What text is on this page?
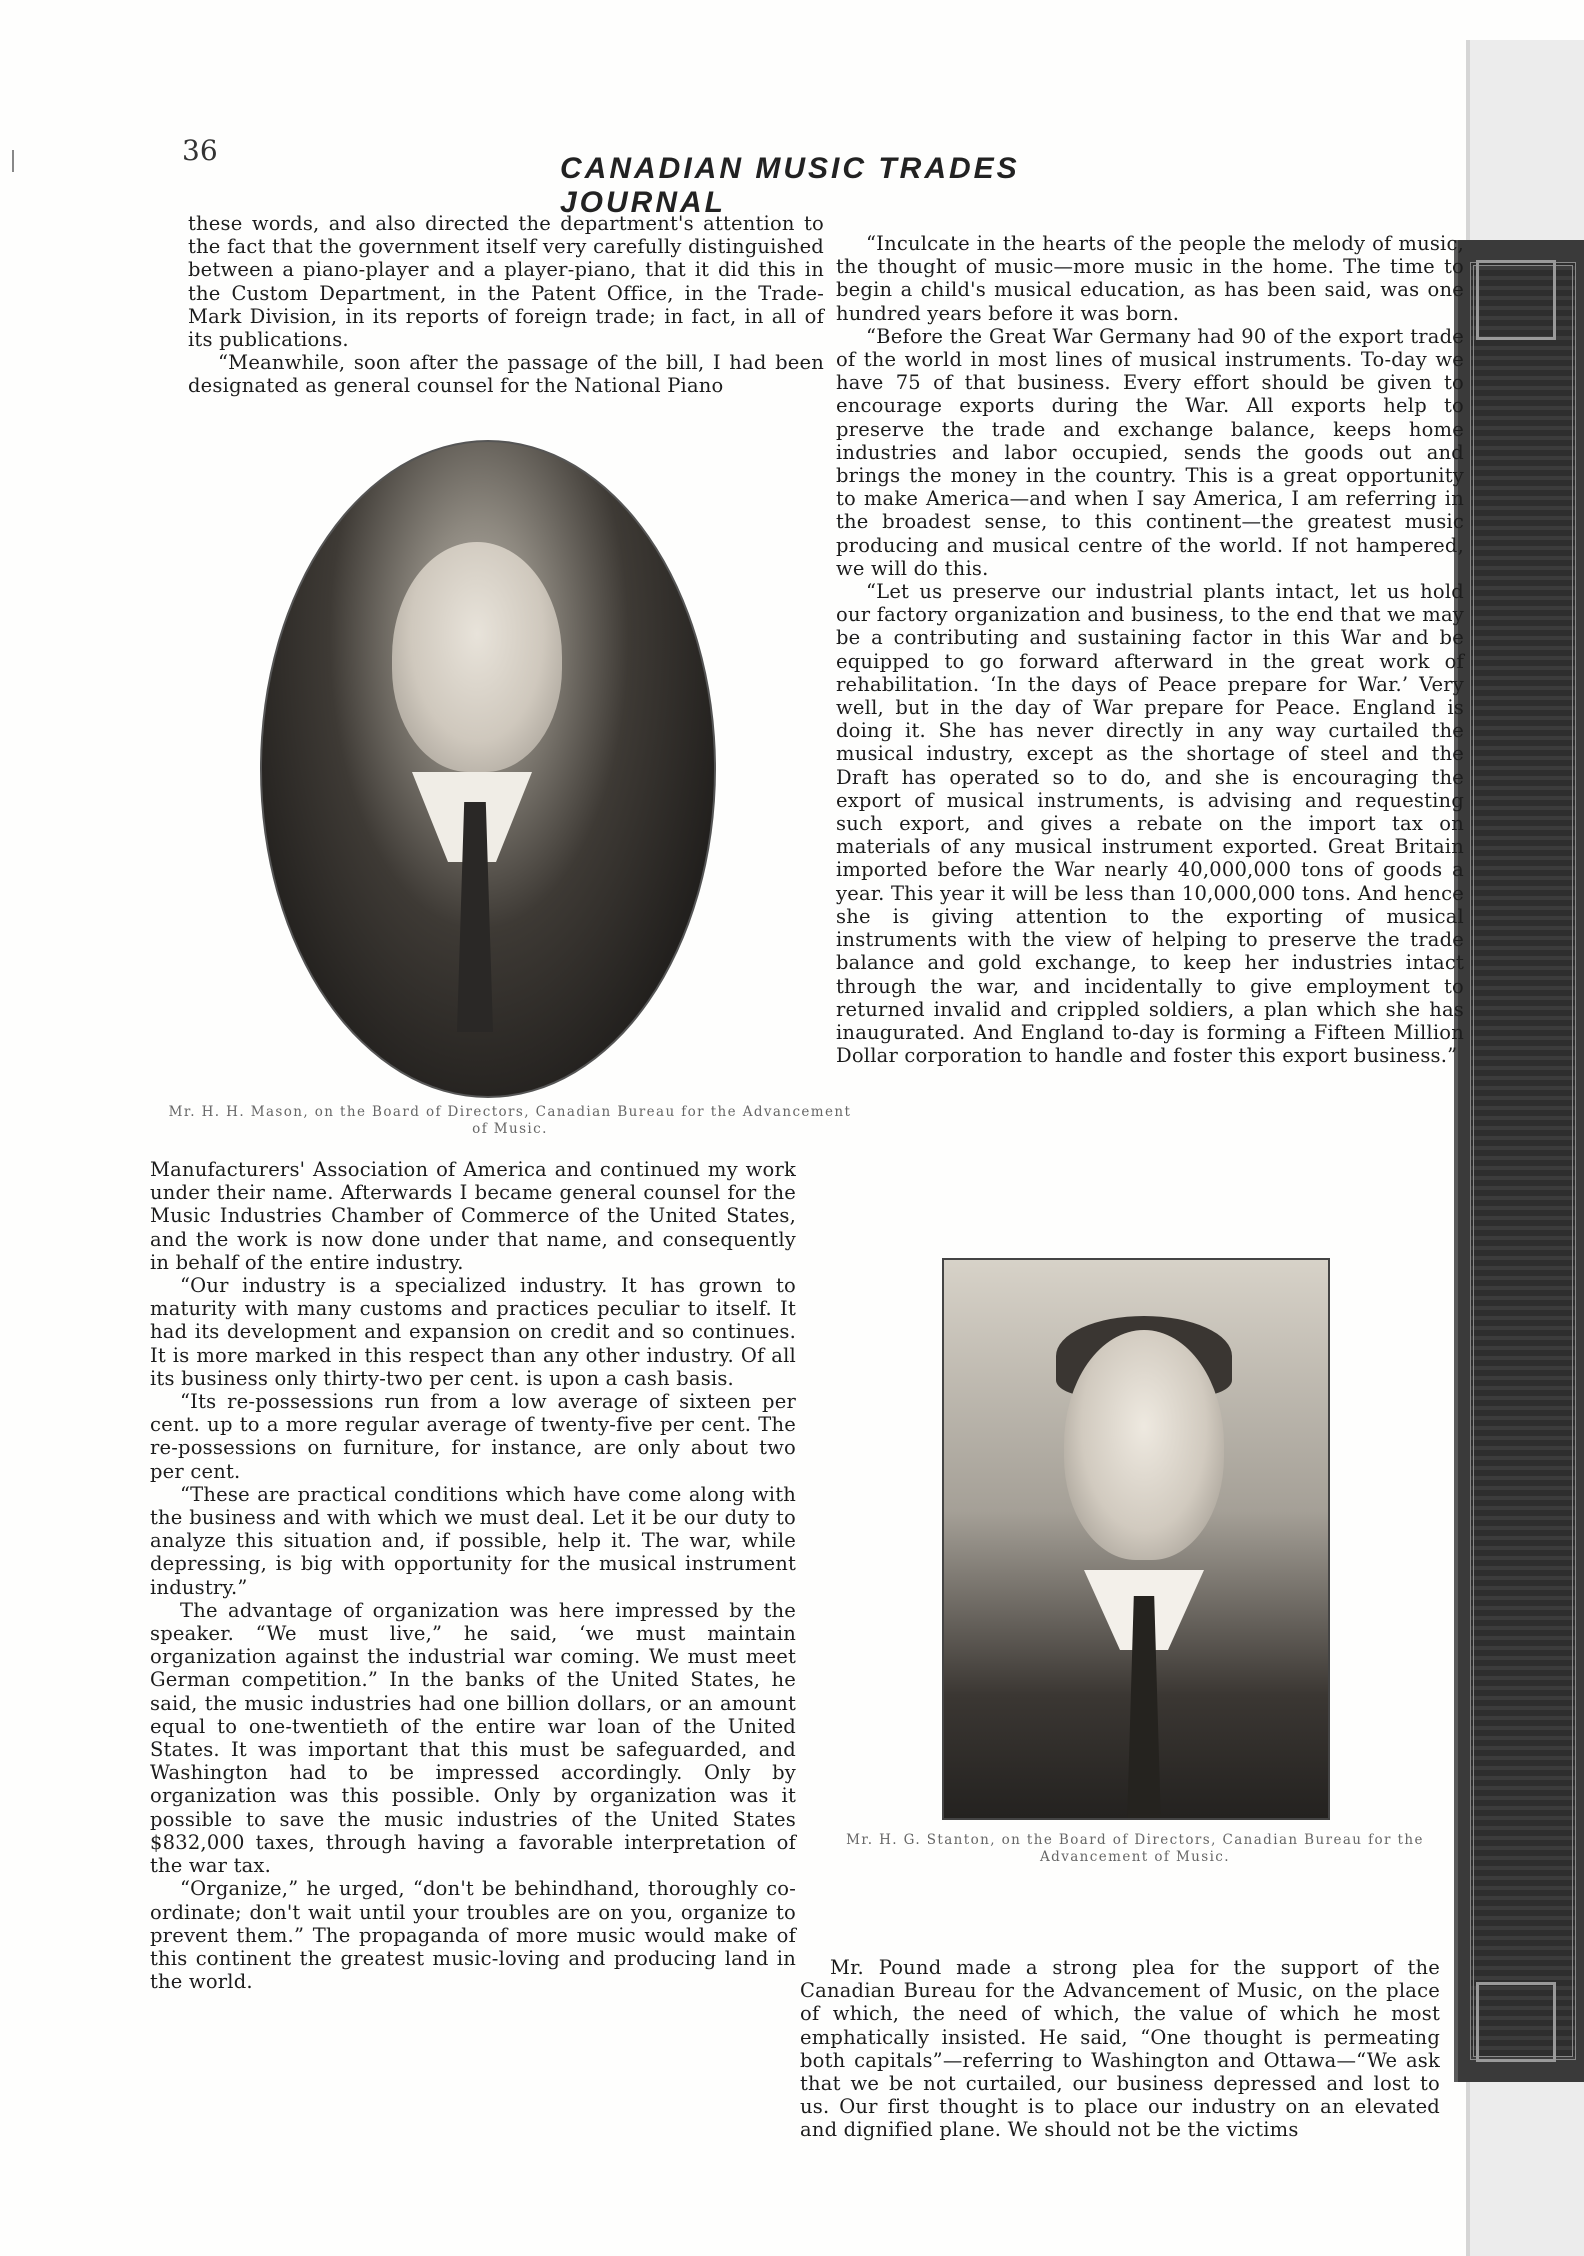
36
CANADIAN MUSIC TRADES JOURNAL

these words, and also directed the department's attention to the fact that the government itself very carefully distinguished between a piano-player and a player-piano, that it did this in the Custom Department, in the Patent Office, in the Trade-Mark Division, in its reports of foreign trade; in fact, in all of its publications.

“Meanwhile, soon after the passage of the bill, I had been designated as general counsel for the National Piano

Mr. H. H. Mason, on the Board of Directors, Canadian Bureau for the Advancement of Music.

Manufacturers' Association of America and continued my work under their name. Afterwards I became general counsel for the Music Industries Chamber of Commerce of the United States, and the work is now done under that name, and consequently in behalf of the entire industry.

“Our industry is a specialized industry. It has grown to maturity with many customs and practices peculiar to itself. It had its development and expansion on credit and so continues. It is more marked in this respect than any other industry. Of all its business only thirty-two per cent. is upon a cash basis.

“Its re-possessions run from a low average of sixteen per cent. up to a more regular average of twenty-five per cent. The re-possessions on furniture, for instance, are only about two per cent.

“These are practical conditions which have come along with the business and with which we must deal. Let it be our duty to analyze this situation and, if possible, help it. The war, while depressing, is big with opportunity for the musical instrument industry.”

The advantage of organization was here impressed by the speaker. “We must live,” he said, ‘we must maintain organization against the industrial war coming. We must meet German competition.” In the banks of the United States, he said, the music industries had one billion dollars, or an amount equal to one-twentieth of the entire war loan of the United States. It was important that this must be safeguarded, and Washington had to be impressed accordingly. Only by organization was this possible. Only by organization was it possible to save the music industries of the United States $832,000 taxes, through having a favorable interpretation of the war tax.

“Organize,” he urged, “don't be behindhand, thoroughly co-ordinate; don't wait until your troubles are on you, organize to prevent them.” The propaganda of more music would make of this continent the greatest music-loving and producing land in the world.

“Inculcate in the hearts of the people the melody of music, the thought of music—more music in the home. The time to begin a child's musical education, as has been said, was one hundred years before it was born.

“Before the Great War Germany had 90 of the export trade of the world in most lines of musical instruments. To-day we have 75 of that business. Every effort should be given to encourage exports during the War. All exports help to preserve the trade and exchange balance, keeps home industries and labor occupied, sends the goods out and brings the money in the country. This is a great opportunity to make America—and when I say America, I am referring in the broadest sense, to this continent—the greatest music producing and musical centre of the world. If not hampered, we will do this.

“Let us preserve our industrial plants intact, let us hold our factory organization and business, to the end that we may be a contributing and sustaining factor in this War and be equipped to go forward afterward in the great work of rehabilitation. ‘In the days of Peace prepare for War.’ Very well, but in the day of War prepare for Peace. England is doing it. She has never directly in any way curtailed the musical industry, except as the shortage of steel and the Draft has operated so to do, and she is encouraging the export of musical instruments, is advising and requesting such export, and gives a rebate on the import tax on materials of any musical instrument exported. Great Britain imported before the War nearly 40,000,000 tons of goods a year. This year it will be less than 10,000,000 tons. And hence she is giving attention to the exporting of musical instruments with the view of helping to preserve the trade balance and gold exchange, to keep her industries intact through the war, and incidentally to give employment to returned invalid and crippled soldiers, a plan which she has inaugurated. And England to-day is forming a Fifteen Million Dollar corporation to handle and foster this export business.”

Mr. H. G. Stanton, on the Board of Directors, Canadian Bureau for the Advancement of Music.

Mr. Pound made a strong plea for the support of the Canadian Bureau for the Advancement of Music, on the place of which, the need of which, the value of which he most emphatically insisted. He said, “One thought is permeating both capitals”—referring to Washington and Ottawa—“We ask that we be not curtailed, our business depressed and lost to us. Our first thought is to place our industry on an elevated and dignified plane. We should not be the victims
